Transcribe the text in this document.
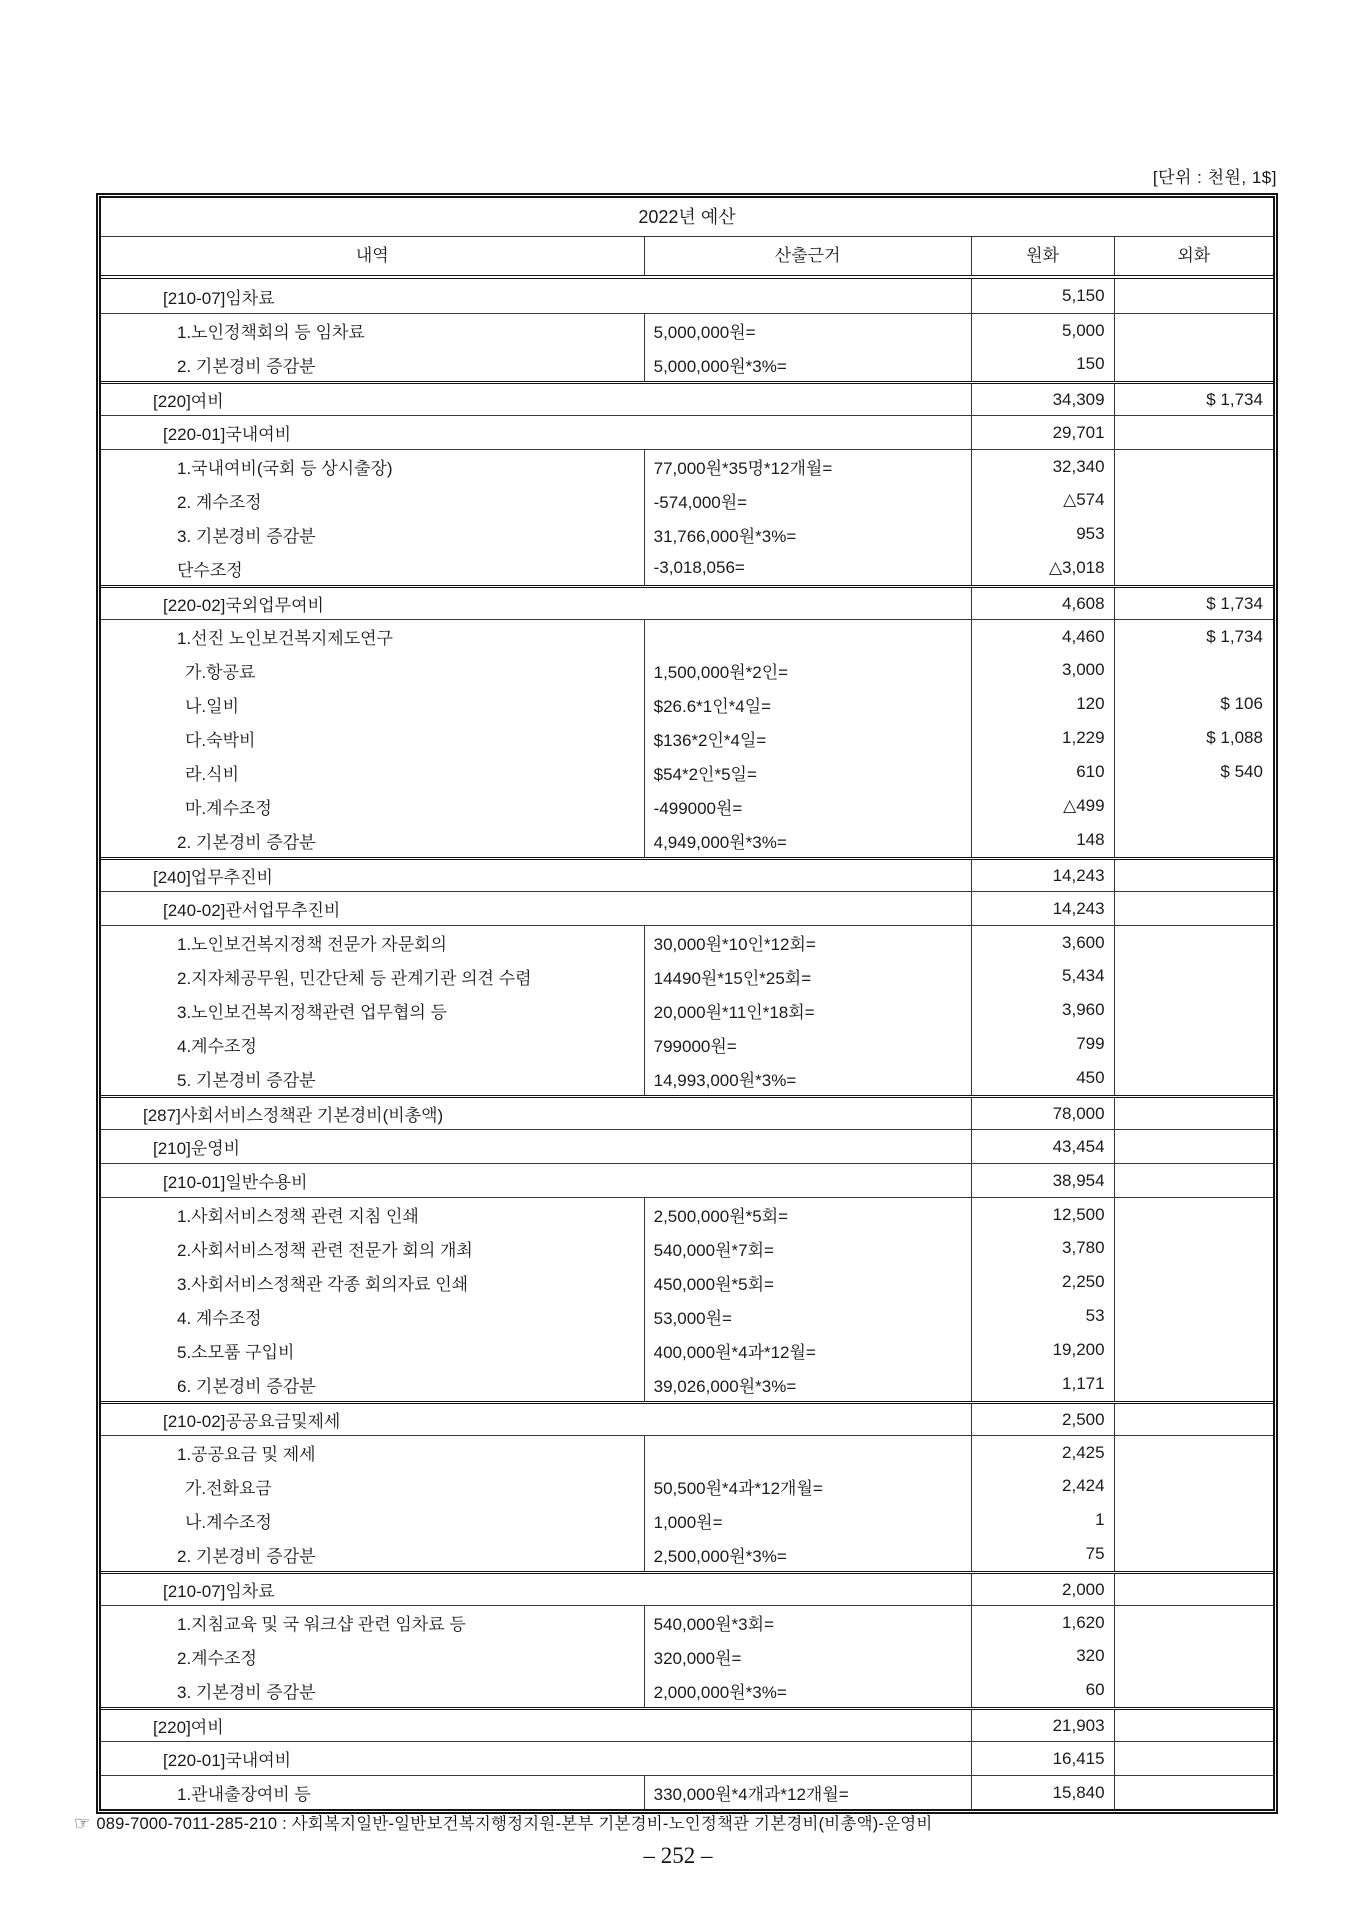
[단위 : 천원, 1$]
2022년 예산
내역	산출근거	원화	외화
[210-07]임차료	5,150
1.노인정책회의 등 임차료	5,000,000원=	5,000
2. 기본경비 증감분	5,000,000원*3%=	150
[220]여비	34,309	$ 1,734
[220-01]국내여비	29,701
1.국내여비(국회 등 상시출장)	77,000원*35명*12개월=	32,340
2. 계수조정	-574,000원=	△574
3. 기본경비 증감분	31,766,000원*3%=	953
단수조정	-3,018,056=	△3,018
[220-02]국외업무여비	4,608	$ 1,734
1.선진 노인보건복지제도연구	4,460	$ 1,734
가.항공료	1,500,000원*2인=	3,000
나.일비	$26.6*1인*4일=	120	$ 106
다.숙박비	$136*2인*4일=	1,229	$ 1,088
라.식비	$54*2인*5일=	610	$ 540
마.계수조정	-499000원=	△499
2. 기본경비 증감분	4,949,000원*3%=	148
[240]업무추진비	14,243
[240-02]관서업무추진비	14,243
1.노인보건복지정책 전문가 자문회의	30,000원*10인*12회=	3,600
2.지자체공무원, 민간단체 등 관계기관 의견 수렴	14490원*15인*25회=	5,434
3.노인보건복지정책관련 업무협의 등	20,000원*11인*18회=	3,960
4.계수조정	799000원=	799
5. 기본경비 증감분	14,993,000원*3%=	450
[287]사회서비스정책관 기본경비(비총액)	78,000
[210]운영비	43,454
[210-01]일반수용비	38,954
1.사회서비스정책 관련 지침 인쇄	2,500,000원*5회=	12,500
2.사회서비스정책 관련 전문가 회의 개최	540,000원*7회=	3,780
3.사회서비스정책관 각종 회의자료 인쇄	450,000원*5회=	2,250
4. 계수조정	53,000원=	53
5.소모품 구입비	400,000원*4과*12월=	19,200
6. 기본경비 증감분	39,026,000원*3%=	1,171
[210-02]공공요금및제세	2,500
1.공공요금 및 제세	2,425
가.전화요금	50,500원*4과*12개월=	2,424
나.계수조정	1,000원=	1
2. 기본경비 증감분	2,500,000원*3%=	75
[210-07]임차료	2,000
1.지침교육 및 국 워크샵 관련 임차료 등	540,000원*3회=	1,620
2.계수조정	320,000원=	320
3. 기본경비 증감분	2,000,000원*3%=	60
[220]여비	21,903
[220-01]국내여비	16,415
1.관내출장여비 등	330,000원*4개과*12개월=	15,840
☞ 089-7000-7011-285-210 : 사회복지일반-일반보건복지행정지원-본부 기본경비-노인정책관 기본경비(비총액)-운영비
– 252 –
